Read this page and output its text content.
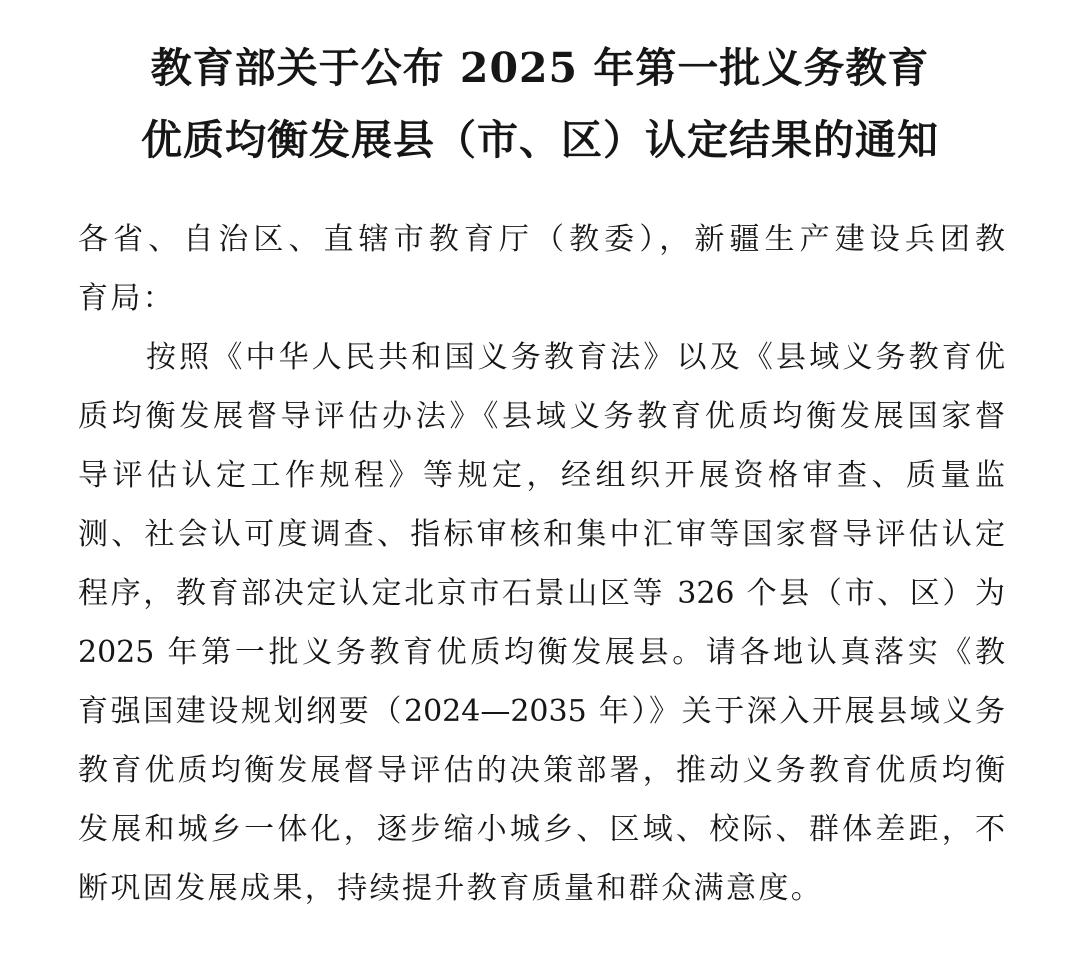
教育部关于公布 2025 年第一批义务教育
优质均衡发展县（市、区）认定结果的通知
各省、自治区、直辖市教育厅（教委），新疆生产建设兵团教
育局：
按照《中华人民共和国义务教育法》以及《县域义务教育优
质均衡发展督导评估办法》《县域义务教育优质均衡发展国家督
导评估认定工作规程》等规定，经组织开展资格审查、质量监
测、社会认可度调查、指标审核和集中汇审等国家督导评估认定
程序，教育部决定认定北京市石景山区等 326 个县（市、区）为
2025 年第一批义务教育优质均衡发展县。请各地认真落实《教
育强国建设规划纲要（2024—2035 年）》关于深入开展县域义务
教育优质均衡发展督导评估的决策部署，推动义务教育优质均衡
发展和城乡一体化，逐步缩小城乡、区域、校际、群体差距，不
断巩固发展成果，持续提升教育质量和群众满意度。
